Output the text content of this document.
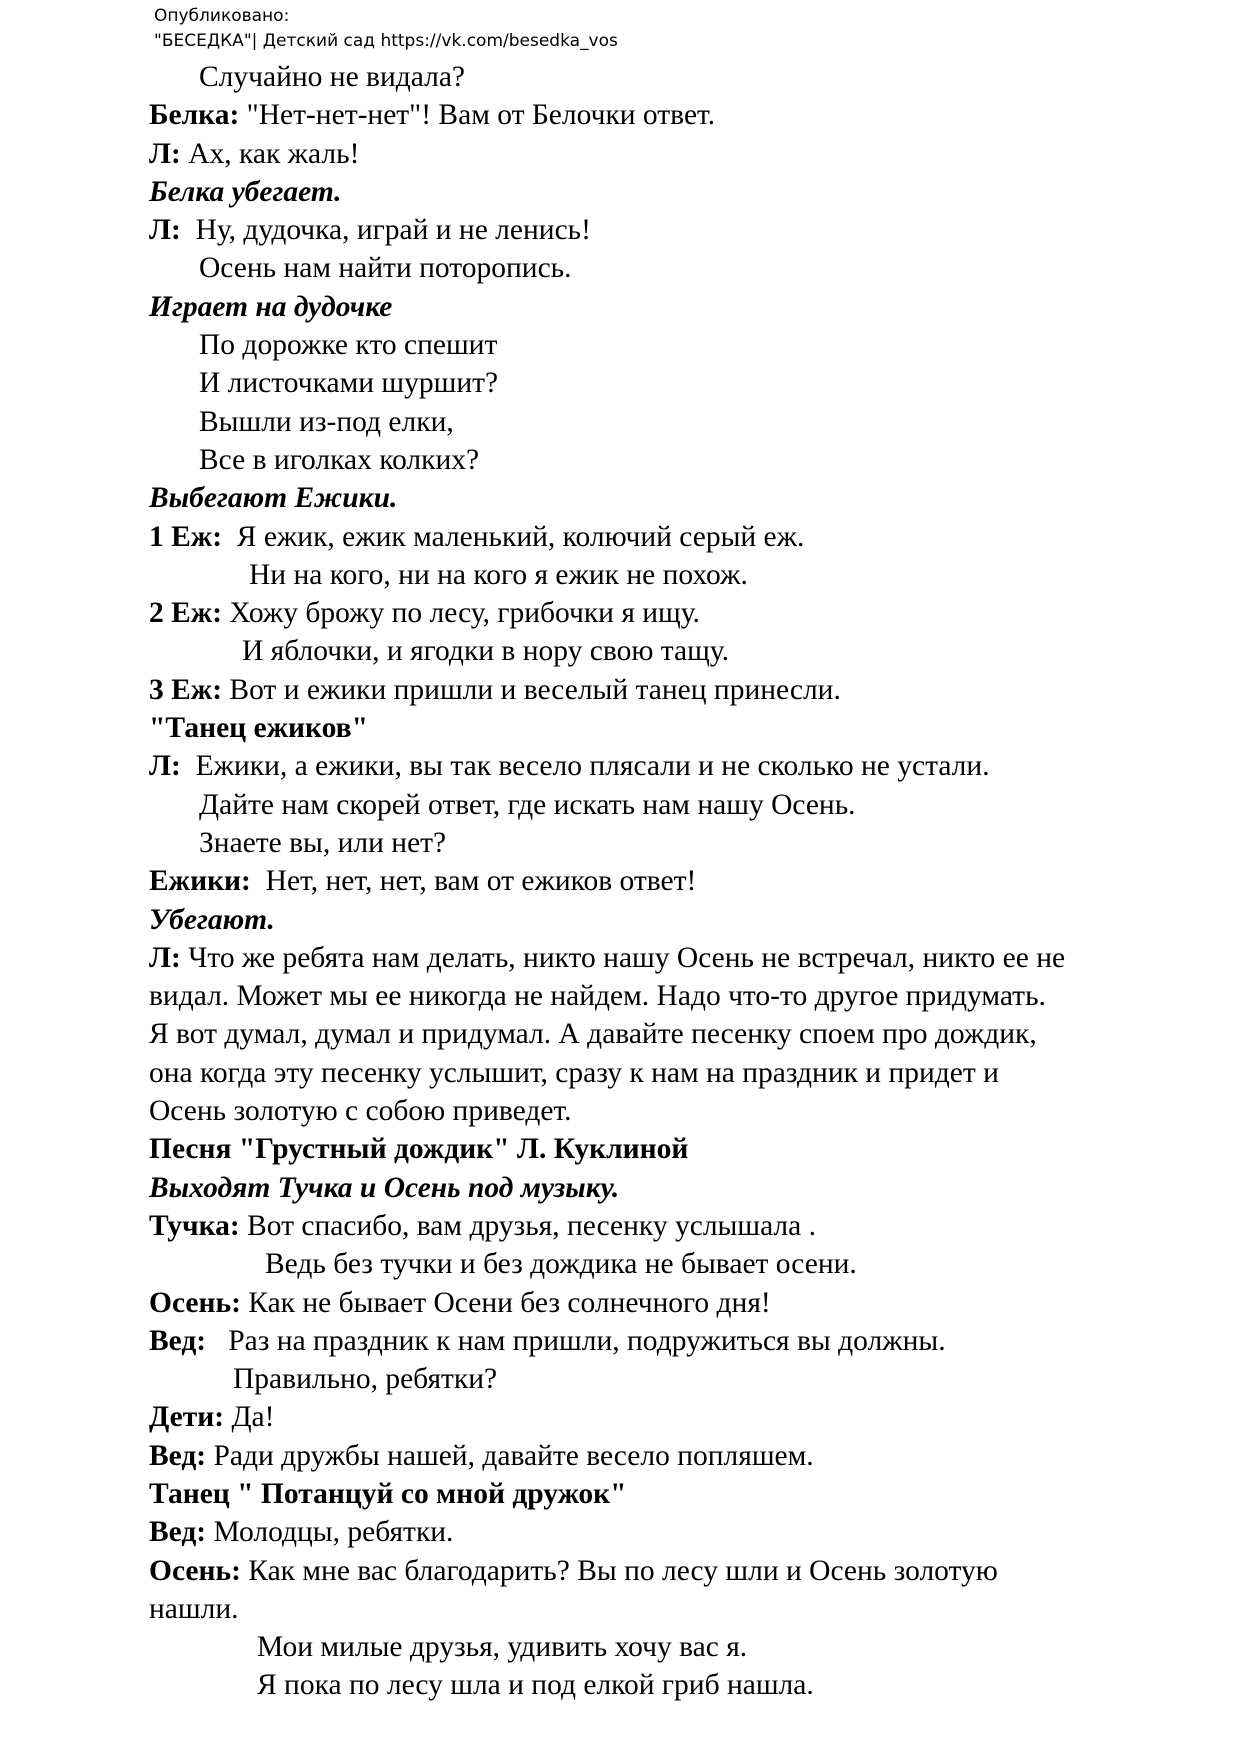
Опубликовано:
"БЕСЕДКА"| Детский сад https://vk.com/besedka_vos
Случайно не видала?
Белка: "Нет-нет-нет"! Вам от Белочки ответ.
Л: Ах, как жаль!
Белка убегает.
Л:  Ну, дудочка, играй и не ленись!
Осень нам найти поторопись.
Играет на дудочке
По дорожке кто спешит
И листочками шуршит?
Вышли из-под елки,
Все в иголках колких?
Выбегают Ежики.
1 Еж:  Я ежик, ежик маленький, колючий серый еж.
Ни на кого, ни на кого я ежик не похож.
2 Еж: Хожу брожу по лесу, грибочки я ищу.
И яблочки, и ягодки в нору свою тащу.
3 Еж: Вот и ежики пришли и веселый танец принесли.
"Танец ежиков"
Л:  Ежики, а ежики, вы так весело плясали и не сколько не устали.
Дайте нам скорей ответ, где искать нам нашу Осень.
Знаете вы, или нет?
Ежики:  Нет, нет, нет, вам от ежиков ответ!
Убегают.
Л: Что же ребята нам делать, никто нашу Осень не встречал, никто ее не
видал. Может мы ее никогда не найдем. Надо что-то другое придумать.
Я вот думал, думал и придумал. А давайте песенку споем про дождик,
она когда эту песенку услышит, сразу к нам на праздник и придет и
Осень золотую с собою приведет.
Песня "Грустный дождик" Л. Куклиной
Выходят Тучка и Осень под музыку.
Тучка: Вот спасибо, вам друзья, песенку услышала .
Ведь без тучки и без дождика не бывает осени.
Осень: Как не бывает Осени без солнечного дня!
Вед:   Раз на праздник к нам пришли, подружиться вы должны.
Правильно, ребятки?
Дети: Да!
Вед: Ради дружбы нашей, давайте весело попляшем.
Танец " Потанцуй со мной дружок"
Вед: Молодцы, ребятки.
Осень: Как мне вас благодарить? Вы по лесу шли и Осень золотую
нашли.
Мои милые друзья, удивить хочу вас я.
Я пока по лесу шла и под елкой гриб нашла.
